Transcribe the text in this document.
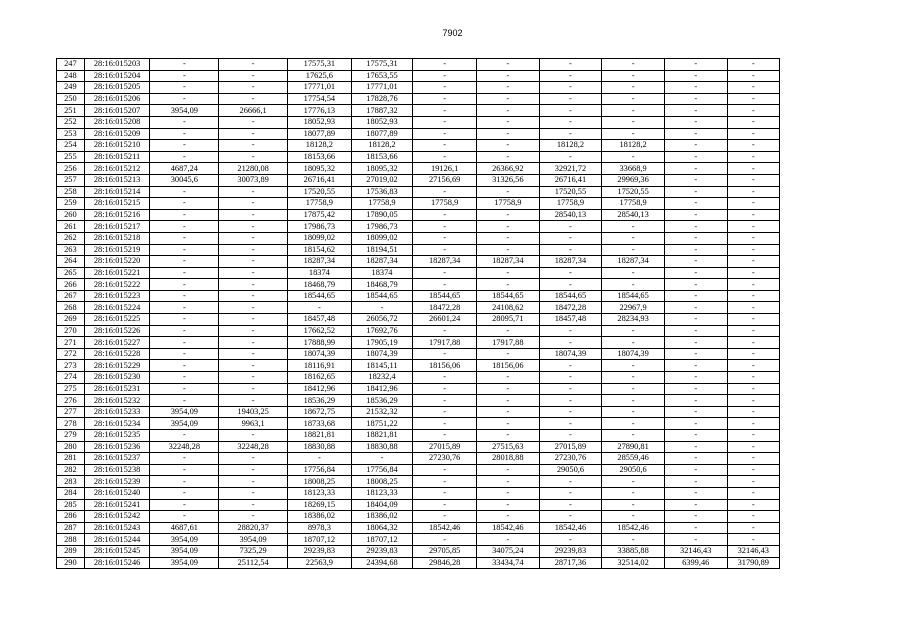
7902
247	28:16:015203	-	-	17575,31	17575,31	-	-	-	-	-	-
248	28:16:015204	-	-	17625,6	17653,55	-	-	-	-	-	-
249	28:16:015205	-	-	17771,01	17771,01	-	-	-	-	-	-
250	28:16:015206	-	-	17754,54	17828,76	-	-	-	-	-	-
251	28:16:015207	3954,09	26666,1	17776,13	17887,32	-	-	-	-	-	-
252	28:16:015208	-	-	18052,93	18052,93	-	-	-	-	-	-
253	28:16:015209	-	-	18077,89	18077,89	-	-	-	-	-	-
254	28:16:015210	-	-	18128,2	18128,2	-	-	18128,2	18128,2	-	-
255	28:16:015211	-	-	18153,66	18153,66	-	-	-	-	-	-
256	28:16:015212	4687,24	21280,08	18095,32	18095,32	19126,1	26366,92	32921,72	33668,9	-	-
257	28:16:015213	30045,6	30073,89	26716,41	27019,02	27156,69	31326,56	26716,41	29969,36	-	-
258	28:16:015214	-	-	17520,55	17536,83	-	-	17520,55	17520,55	-	-
259	28:16:015215	-	-	17758,9	17758,9	17758,9	17758,9	17758,9	17758,9	-	-
260	28:16:015216	-	-	17875,42	17890,05	-	-	28540,13	28540,13	-	-
261	28:16:015217	-	-	17986,73	17986,73	-	-	-	-	-	-
262	28:16:015218	-	-	18099,02	18099,02	-	-	-	-	-	-
263	28:16:015219	-	-	18154,62	18194,51	-	-	-	-	-	-
264	28:16:015220	-	-	18287,34	18287,34	18287,34	18287,34	18287,34	18287,34	-	-
265	28:16:015221	-	-	18374	18374	-	-	-	-	-	-
266	28:16:015222	-	-	18468,79	18468,79	-	-	-	-	-	-
267	28:16:015223	-	-	18544,65	18544,65	18544,65	18544,65	18544,65	18544,65	-	-
268	28:16:015224	-	-	-	-	18472,28	24108,62	18472,28	22967,9	-	-
269	28:16:015225	-	-	18457,48	26056,72	26601,24	28095,71	18457,48	28234,93	-	-
270	28:16:015226	-	-	17662,52	17692,76	-	-	-	-	-	-
271	28:16:015227	-	-	17888,99	17905,19	17917,88	17917,88	-	-	-	-
272	28:16:015228	-	-	18074,39	18074,39	-	-	18074,39	18074,39	-	-
273	28:16:015229	-	-	18116,91	18145,11	18156,06	18156,06	-	-	-	-
274	28:16:015230	-	-	18162,65	18232,4	-	-	-	-	-	-
275	28:16:015231	-	-	18412,96	18412,96	-	-	-	-	-	-
276	28:16:015232	-	-	18536,29	18536,29	-	-	-	-	-	-
277	28:16:015233	3954,09	19403,25	18672,75	21532,32	-	-	-	-	-	-
278	28:16:015234	3954,09	9963,1	18733,68	18751,22	-	-	-	-	-	-
279	28:16:015235	-	-	18821,81	18821,81	-	-	-	-	-	-
280	28:16:015236	32248,28	32248,28	18830,88	18830,88	27015,89	27515,63	27015,89	27890,81	-	-
281	28:16:015237	-	-	-	-	27230,76	28018,88	27230,76	28559,46	-	-
282	28:16:015238	-	-	17756,84	17756,84	-	-	29050,6	29050,6	-	-
283	28:16:015239	-	-	18008,25	18008,25	-	-	-	-	-	-
284	28:16:015240	-	-	18123,33	18123,33	-	-	-	-	-	-
285	28:16:015241	-	-	18269,15	18404,09	-	-	-	-	-	-
286	28:16:015242	-	-	18386,02	18386,02	-	-	-	-	-	-
287	28:16:015243	4687,61	28820,37	8978,3	18064,32	18542,46	18542,46	18542,46	18542,46	-	-
288	28:16:015244	3954,09	3954,09	18707,12	18707,12	-	-	-	-	-	-
289	28:16:015245	3954,09	7325,29	29239,83	29239,83	29705,85	34075,24	29239,83	33885,88	32146,43	32146,43
290	28:16:015246	3954,09	25112,54	22563,9	24394,68	29846,28	33434,74	28717,36	32514,02	6399,46	31790,89
